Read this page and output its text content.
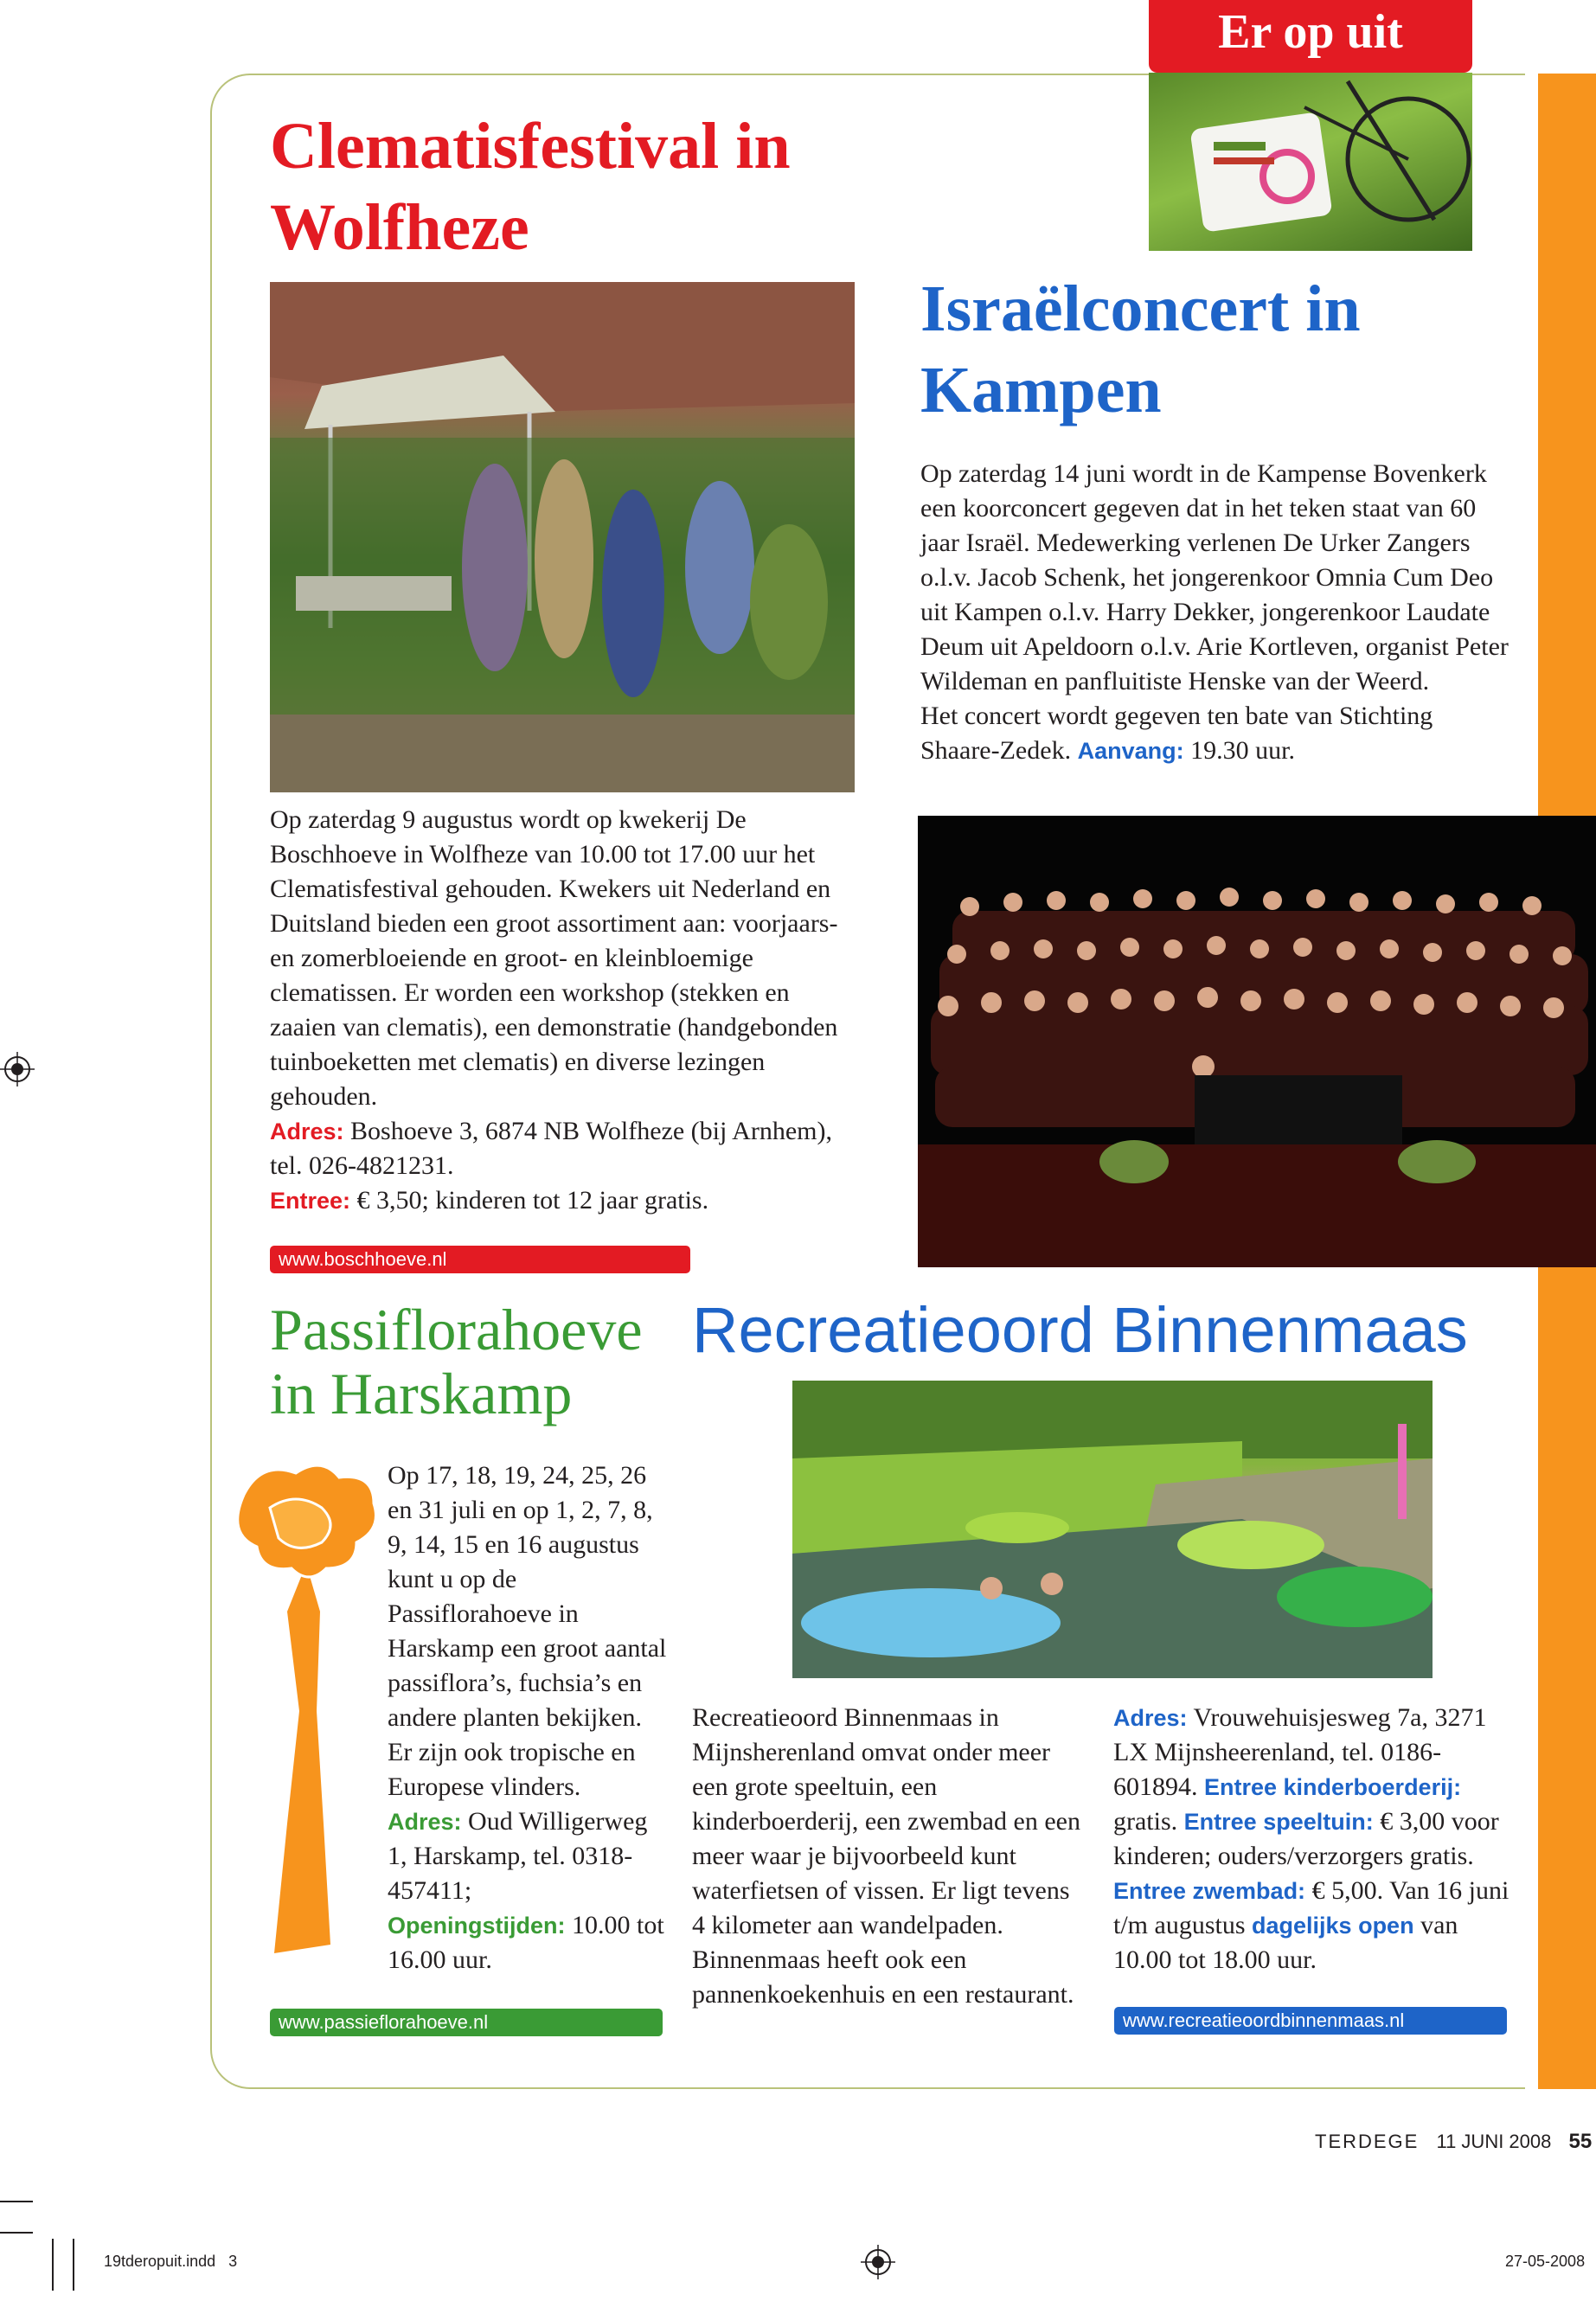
Er op uit
Clematisfestival in
Wolfheze

Op zaterdag 9 augustus wordt op kwekerij De Boschhoeve in Wolfheze van 10.00 tot 17.00 uur het Clematisfestival gehouden. Kwekers uit Nederland en Duitsland bieden een groot assortiment aan: voorjaars- en zomerbloeiende en groot- en kleinbloemige clematissen. Er worden een workshop (stekken en zaaien van clematis), een demonstratie (handgebonden tuinboeketten met clematis) en diverse lezingen gehouden.

Adres: Boshoeve 3, 6874 NB Wolfheze (bij Arnhem), tel. 026-4821231.

Entree: € 3,50; kinderen tot 12 jaar gratis.

www.boschhoeve.nl
Israëlconcert in
Kampen

Op zaterdag 14 juni wordt in de Kampense Bovenkerk een koorconcert gegeven dat in het teken staat van 60 jaar Israël. Medewerking verlenen De Urker Zangers o.l.v. Jacob Schenk, het jongerenkoor Omnia Cum Deo uit Kampen o.l.v. Harry Dekker, jongerenkoor Laudate Deum uit Apeldoorn o.l.v. Arie Kortleven, organist Peter Wildeman en panfluitiste Henske van der Weerd.

Het concert wordt gegeven ten bate van Stichting Shaare-Zedek. Aanvang: 19.30 uur.

Passiflorahoeve
in Harskamp

Op 17, 18, 19, 24, 25, 26 en 31 juli en op 1, 2, 7, 8, 9, 14, 15 en 16 augustus kunt u op de Passiflorahoeve in Harskamp een groot aantal passiflora’s, fuchsia’s en andere planten bekijken. Er zijn ook tropische en Europese vlinders.

Adres: Oud Willigerweg 1, Harskamp, tel. 0318-457411;

Openingstijden: 10.00 tot 16.00 uur.

www.passieflorahoeve.nl
Recreatieoord Binnenmaas

Recreatieoord Binnenmaas in Mijnsherenland omvat onder meer een grote speeltuin, een kinderboerderij, een zwembad en een meer waar je bijvoorbeeld kunt waterfietsen of vissen. Er ligt tevens 4 kilometer aan wandelpaden. Binnenmaas heeft ook een pannenkoekenhuis en een restaurant.

Adres: Vrouwehuisjesweg 7a, 3271 LX Mijnsheerenland, tel. 0186-601894. Entree kinderboerderij: gratis. Entree speeltuin: € 3,00 voor kinderen; ouders/verzorgers gratis. Entree zwembad: € 5,00. Van 16 juni t/m augustus dagelijks open van 10.00 tot 18.00 uur.

www.recreatieoordbinnenmaas.nl
TERDEGE 11 JUNI 2008 55
19tderopuit.indd   3	27-05-2008
